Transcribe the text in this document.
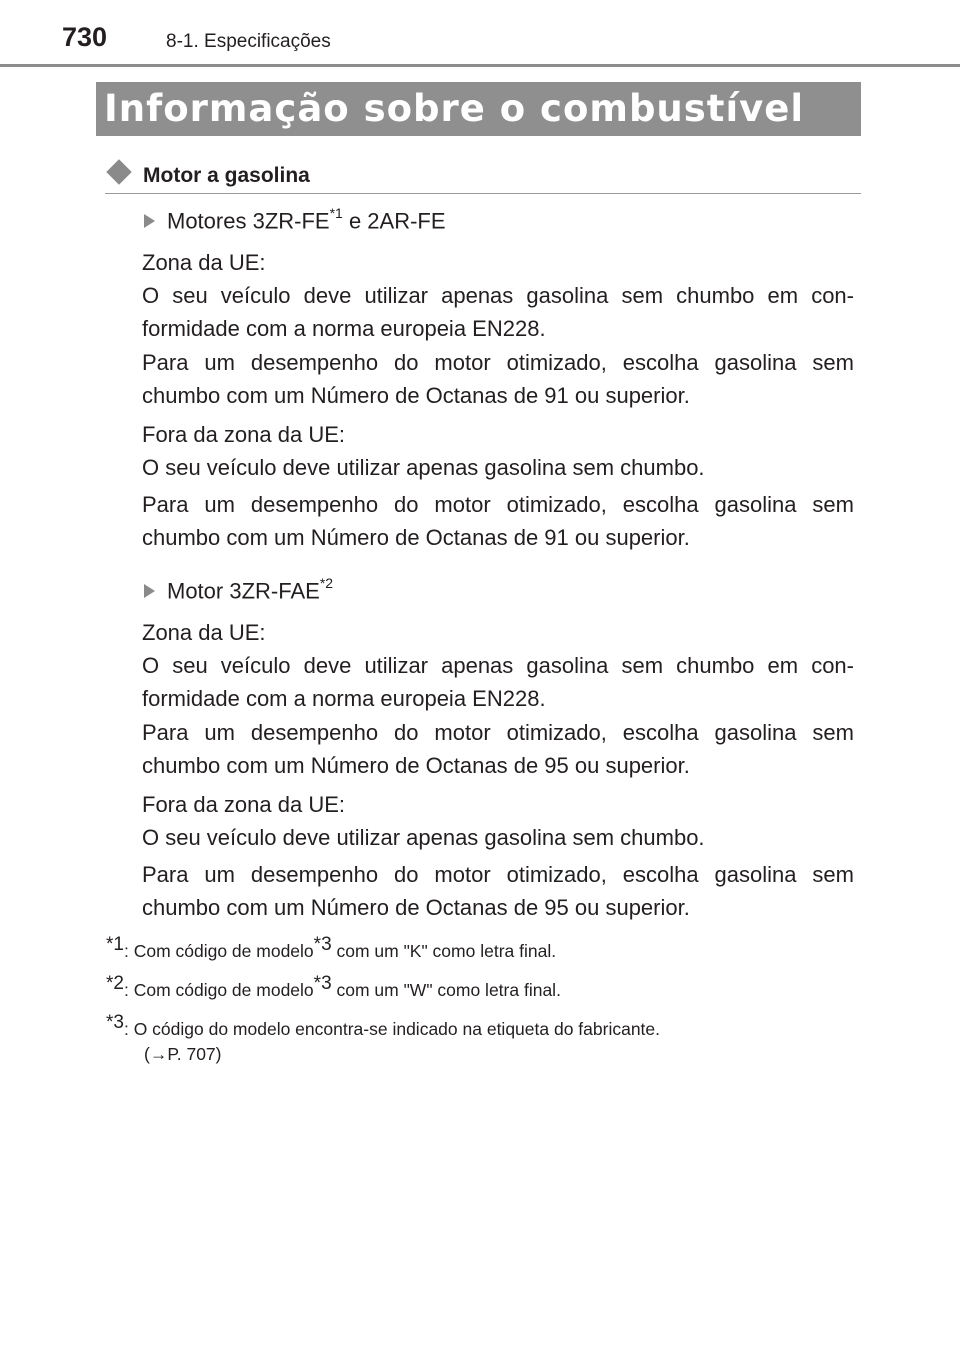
730	8-1. Especificações
Informação sobre o combustível
Motor a gasolina
Motores 3ZR-FE$^{*1}$ e 2AR-FE

Zona da UE:
O seu veículo deve utilizar apenas gasolina sem chumbo em con-formidade com a norma europeia EN228.

Para um desempenho do motor otimizado, escolha gasolina sem chumbo com um Número de Octanas de 91 ou superior.

Fora da zona da UE:
O seu veículo deve utilizar apenas gasolina sem chumbo.

Para um desempenho do motor otimizado, escolha gasolina sem chumbo com um Número de Octanas de 91 ou superior.

Motor 3ZR-FAE$^{*2}$

Zona da UE:
O seu veículo deve utilizar apenas gasolina sem chumbo em con-formidade com a norma europeia EN228.

Para um desempenho do motor otimizado, escolha gasolina sem chumbo com um Número de Octanas de 95 ou superior.

Fora da zona da UE:
O seu veículo deve utilizar apenas gasolina sem chumbo.

Para um desempenho do motor otimizado, escolha gasolina sem chumbo com um Número de Octanas de 95 ou superior.

$^{*1}$: Com código de modelo$^{*3}$ com um "K" como letra final.

$^{*2}$: Com código de modelo$^{*3}$ com um "W" como letra final.

$^{*3}$: O código do modelo encontra-se indicado na etiqueta do fabricante.
(→P. 707)
